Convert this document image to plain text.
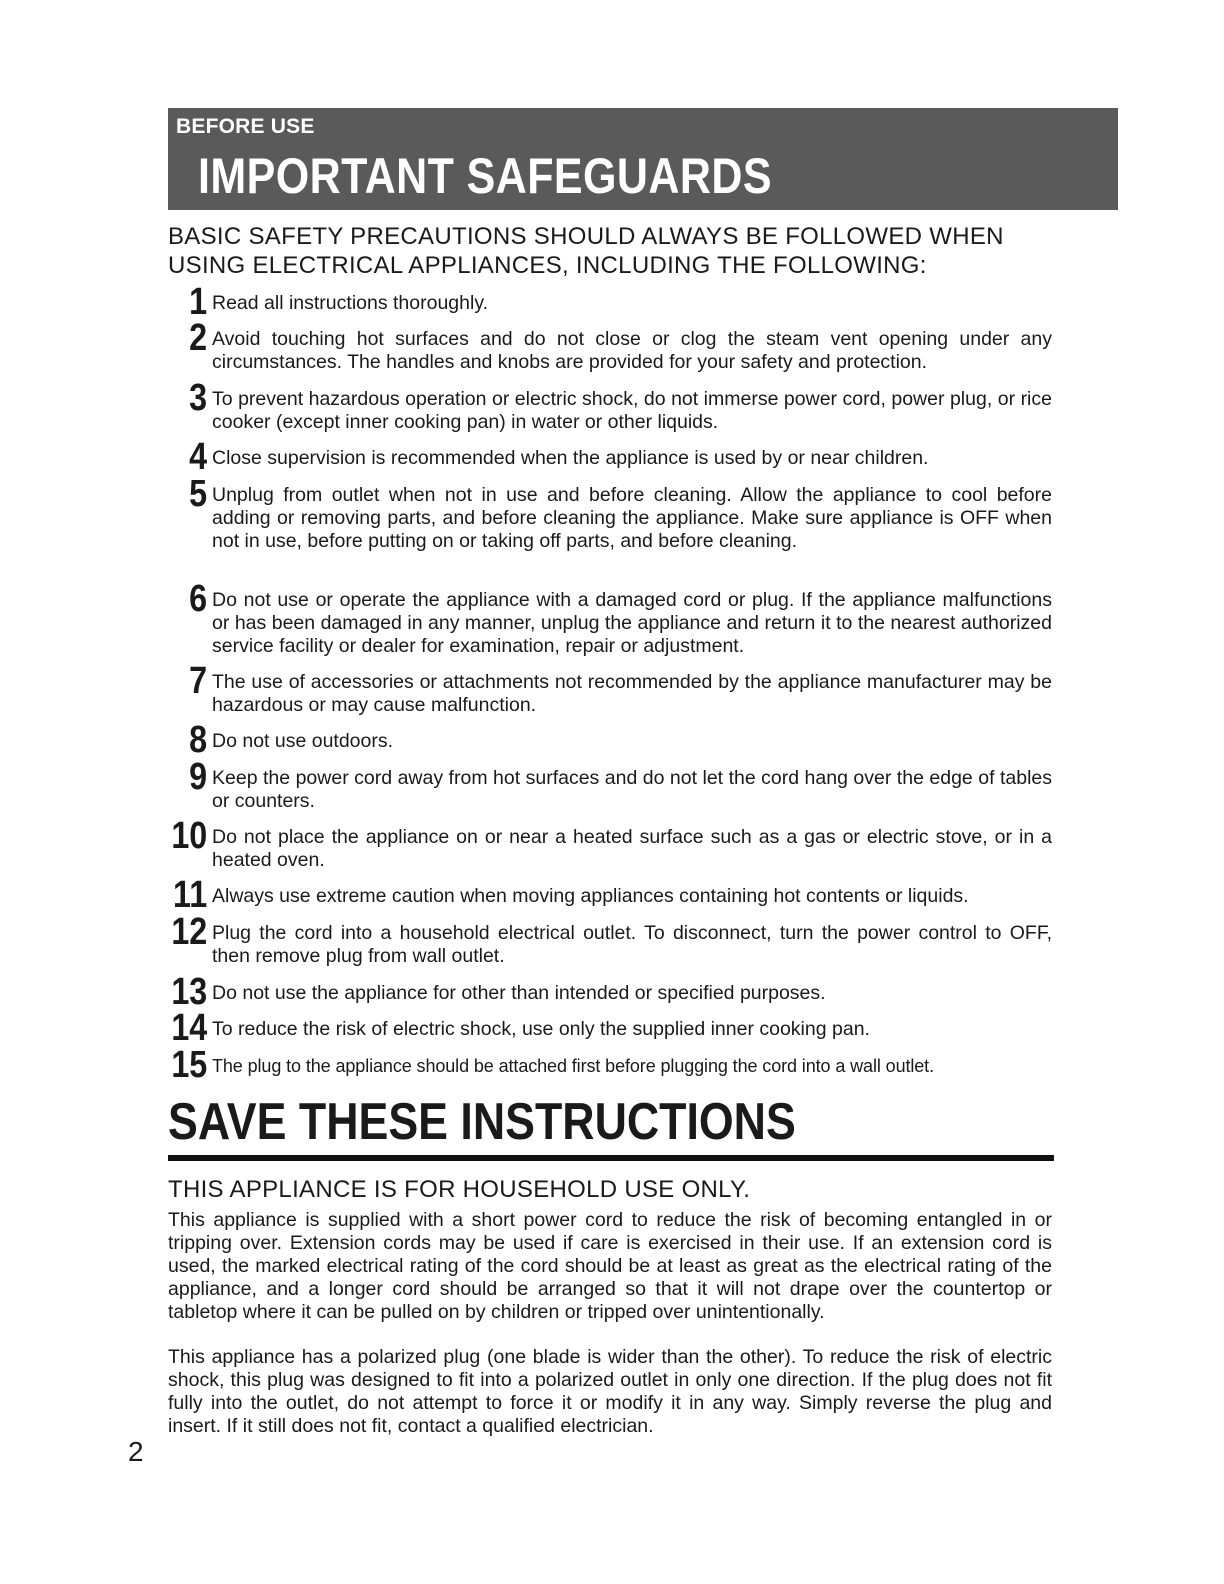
BEFORE USE
IMPORTANT SAFEGUARDS
BASIC SAFETY PRECAUTIONS SHOULD ALWAYS BE FOLLOWED WHEN USING ELECTRICAL APPLIANCES, INCLUDING THE FOLLOWING:
1 Read all instructions thoroughly.
2 Avoid touching hot surfaces and do not close or clog the steam vent opening under any circumstances. The handles and knobs are provided for your safety and protection.
3 To prevent hazardous operation or electric shock, do not immerse power cord, power plug, or rice cooker (except inner cooking pan) in water or other liquids.
4 Close supervision is recommended when the appliance is used by or near children.
5 Unplug from outlet when not in use and before cleaning. Allow the appliance to cool before adding or removing parts, and before cleaning the appliance. Make sure appliance is OFF when not in use, before putting on or taking off parts, and before cleaning.
6 Do not use or operate the appliance with a damaged cord or plug. If the appliance malfunctions or has been damaged in any manner, unplug the appliance and return it to the nearest authorized service facility or dealer for examination, repair or adjustment.
7 The use of accessories or attachments not recommended by the appliance manufacturer may be hazardous or may cause malfunction.
8 Do not use outdoors.
9 Keep the power cord away from hot surfaces and do not let the cord hang over the edge of tables or counters.
10 Do not place the appliance on or near a heated surface such as a gas or electric stove, or in a heated oven.
11 Always use extreme caution when moving appliances containing hot contents or liquids.
12 Plug the cord into a household electrical outlet. To disconnect, turn the power control to OFF, then remove plug from wall outlet.
13 Do not use the appliance for other than intended or specified purposes.
14 To reduce the risk of electric shock, use only the supplied inner cooking pan.
15 The plug to the appliance should be attached first before plugging the cord into a wall outlet.
SAVE THESE INSTRUCTIONS
THIS APPLIANCE IS FOR HOUSEHOLD USE ONLY.

This appliance is supplied with a short power cord to reduce the risk of becoming entangled in or tripping over. Extension cords may be used if care is exercised in their use. If an extension cord is used, the marked electrical rating of the cord should be at least as great as the electrical rating of the appliance, and a longer cord should be arranged so that it will not drape over the countertop or tabletop where it can be pulled on by children or tripped over unintentionally.

This appliance has a polarized plug (one blade is wider than the other). To reduce the risk of electric shock, this plug was designed to fit into a polarized outlet in only one direction. If the plug does not fit fully into the outlet, do not attempt to force it or modify it in any way. Simply reverse the plug and insert. If it still does not fit, contact a qualified electrician.

2
